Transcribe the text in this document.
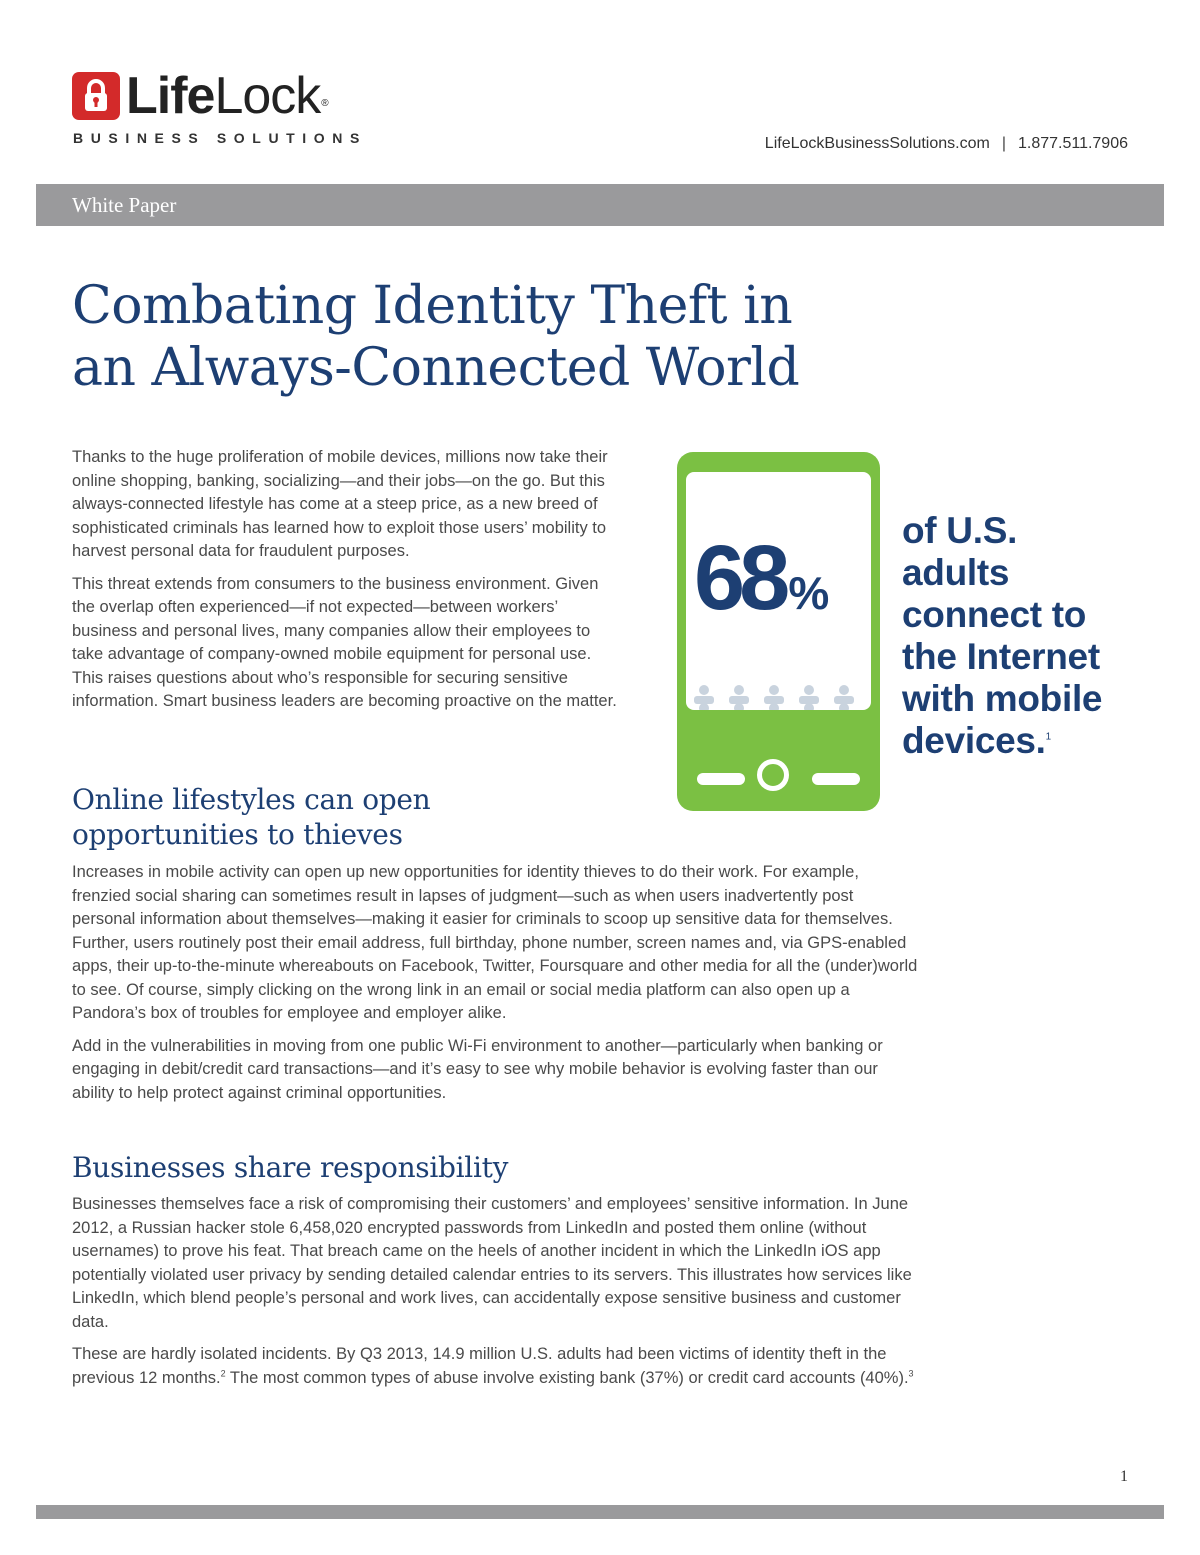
LifeLock®
BUSINESS SOLUTIONS	LifeLockBusinessSolutions.com | 1.877.511.7906
White Paper
Combating Identity Theft in
an Always-Connected World

Thanks to the huge proliferation of mobile devices, millions now take their online shopping, banking, socializing—and their jobs—on the go. But this always-connected lifestyle has come at a steep price, as a new breed of sophisticated criminals has learned how to exploit those users’ mobility to harvest personal data for fraudulent purposes.

This threat extends from consumers to the business environment. Given the overlap often experienced—if not expected—between workers’ business and personal lives, many companies allow their employees to take advantage of company-owned mobile equipment for personal use. This raises questions about who’s responsible for securing sensitive information. Smart business leaders are becoming proactive on the matter.

68%
of U.S.
adults
connect to
the Internet
with mobile
devices.$^1$
Online lifestyles can open
opportunities to thieves

Increases in mobile activity can open up new opportunities for identity thieves to do their work. For example, frenzied social sharing can sometimes result in lapses of judgment—such as when users inadvertently post personal information about themselves—making it easier for criminals to scoop up sensitive data for themselves. Further, users routinely post their email address, full birthday, phone number, screen names and, via GPS-enabled apps, their up-to-the-minute whereabouts on Facebook, Twitter, Foursquare and other media for all the (under)world to see. Of course, simply clicking on the wrong link in an email or social media platform can also open up a Pandora’s box of troubles for employee and employer alike.

Add in the vulnerabilities in moving from one public Wi-Fi environment to another—particularly when banking or engaging in debit/credit card transactions—and it’s easy to see why mobile behavior is evolving faster than our ability to help protect against criminal opportunities.

Businesses share responsibility

Businesses themselves face a risk of compromising their customers’ and employees’ sensitive information. In June 2012, a Russian hacker stole 6,458,020 encrypted passwords from LinkedIn and posted them online (without usernames) to prove his feat. That breach came on the heels of another incident in which the LinkedIn iOS app potentially violated user privacy by sending detailed calendar entries to its servers. This illustrates how services like LinkedIn, which blend people’s personal and work lives, can accidentally expose sensitive business and customer data.

These are hardly isolated incidents. By Q3 2013, 14.9 million U.S. adults had been victims of identity theft in the previous 12 months.$^2$ The most common types of abuse involve existing bank (37%) or credit card accounts (40%).$^3$

1
